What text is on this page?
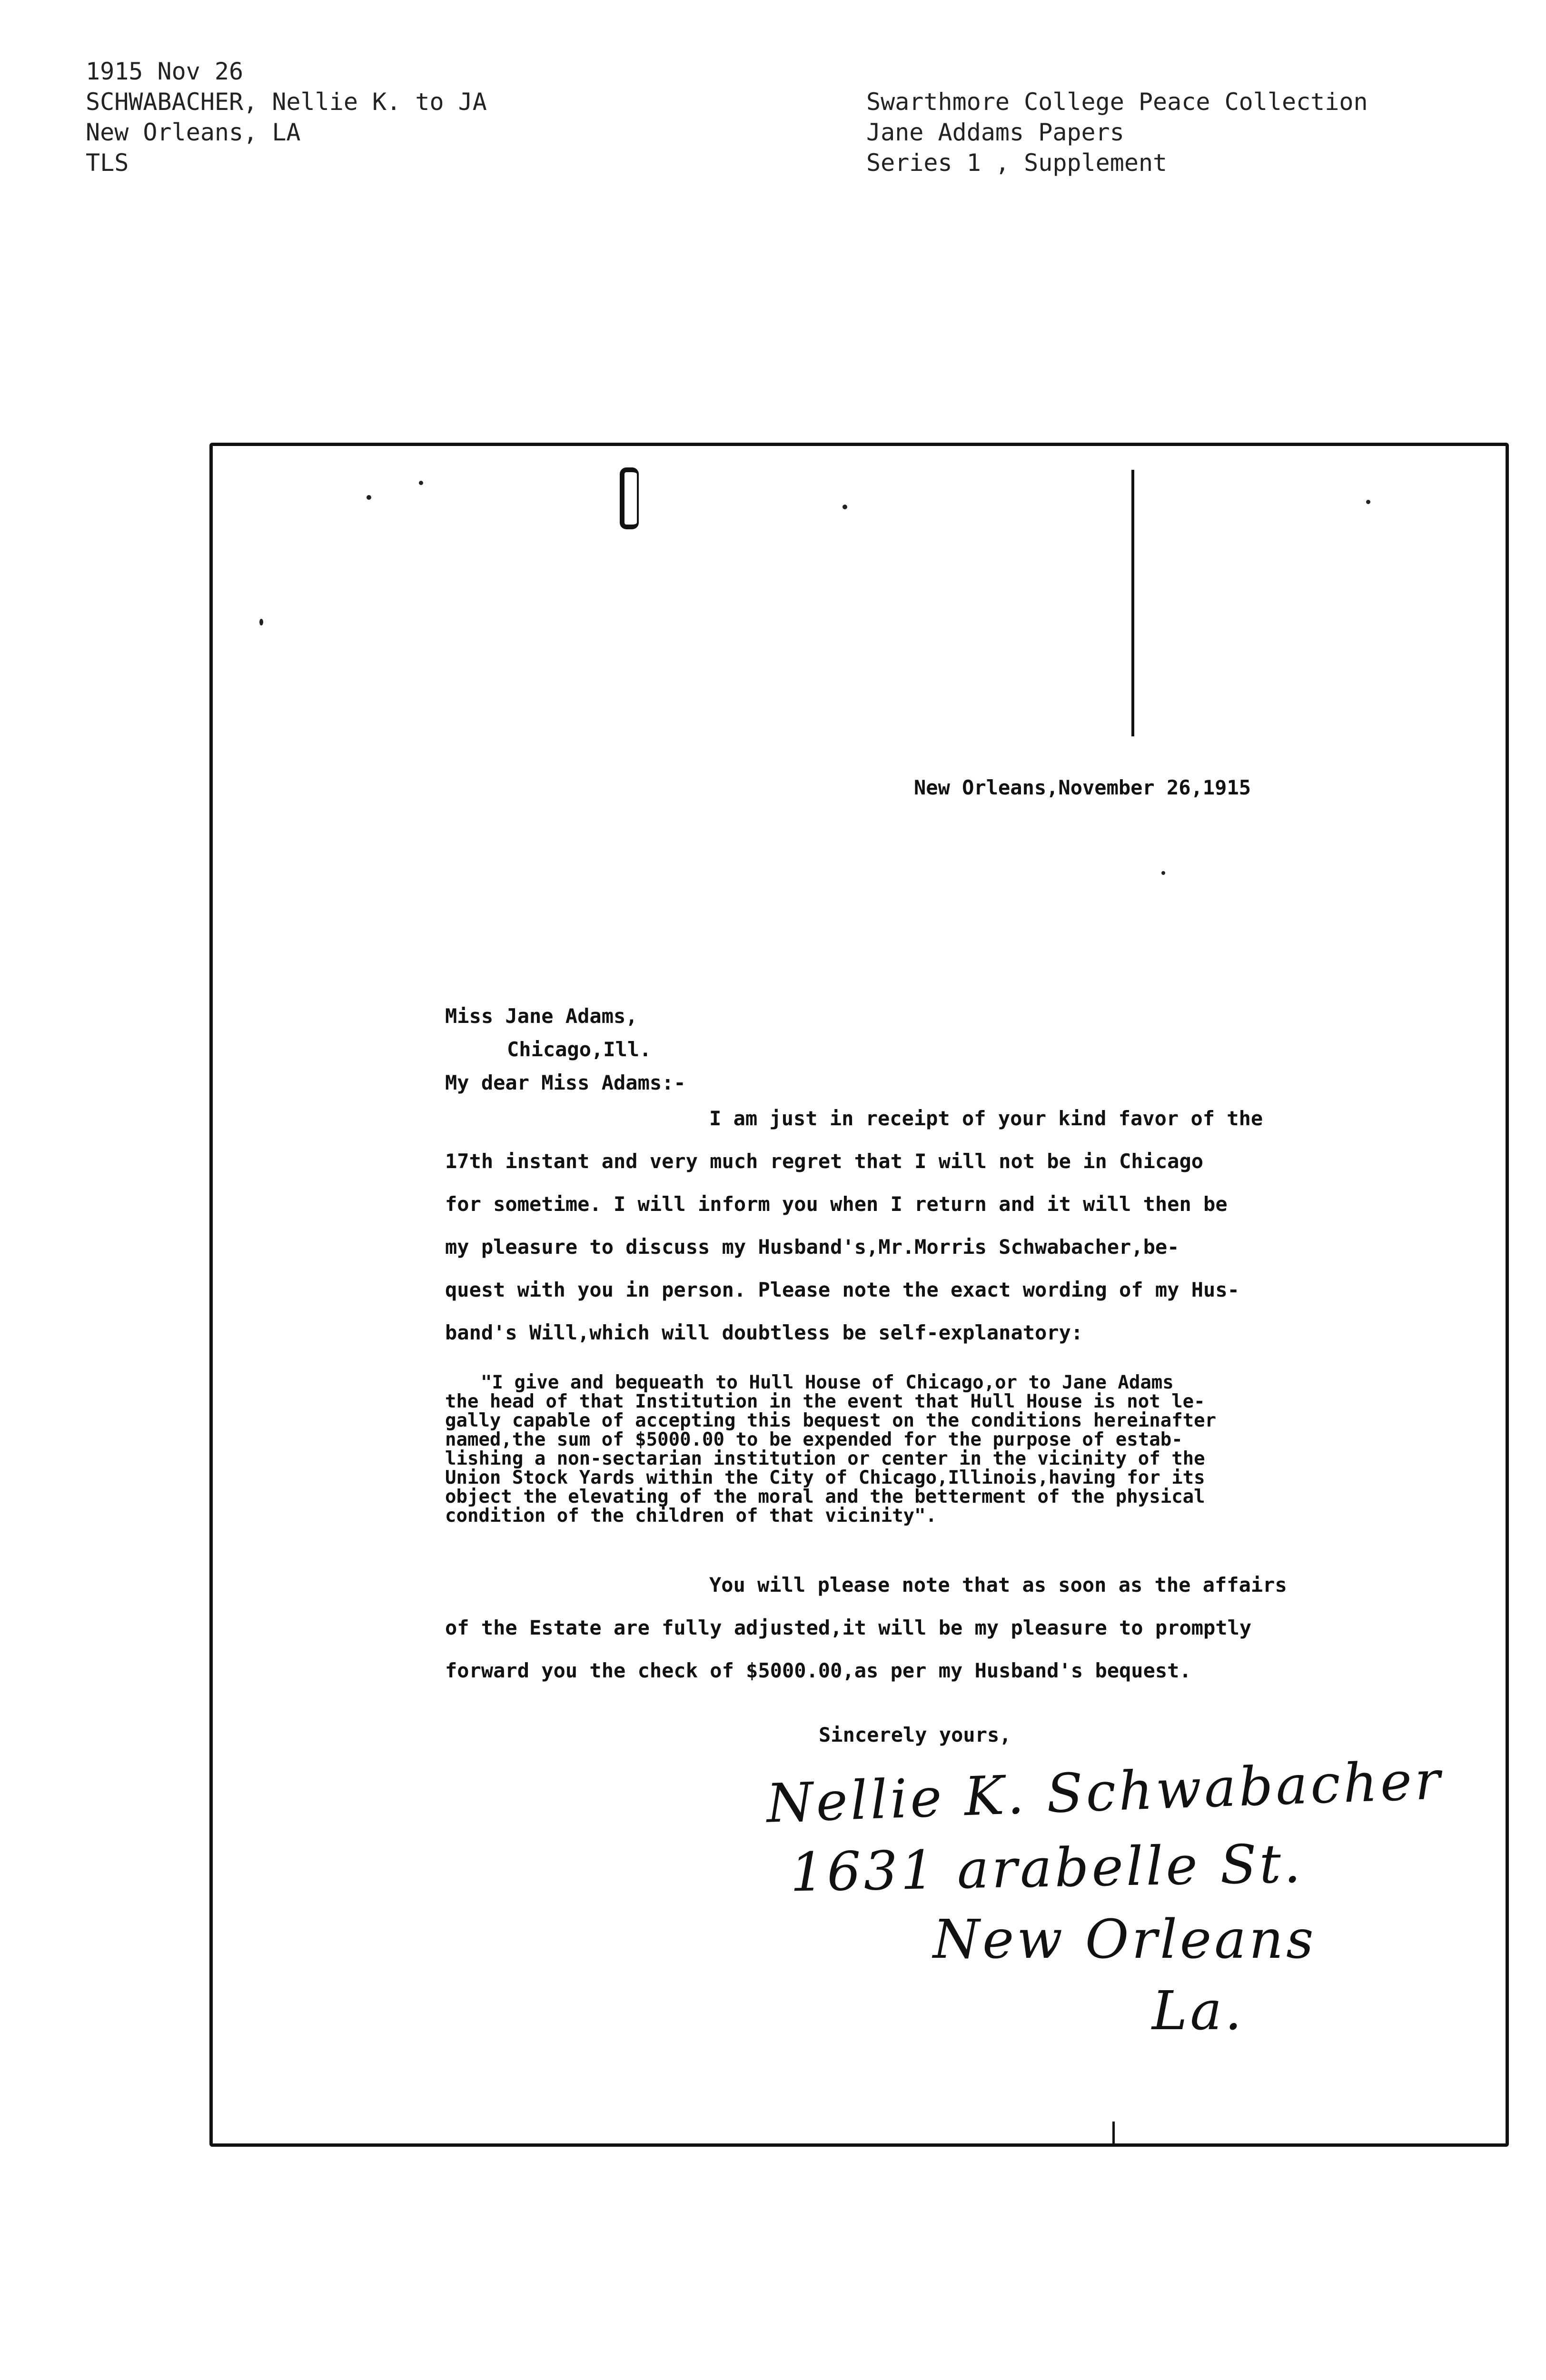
1915 Nov 26
SCHWABACHER, Nellie K. to JA
New Orleans, LA
TLS
Swarthmore College Peace Collection
Jane Addams Papers
Series 1 , Supplement
New Orleans,November 26,1915
Miss Jane Adams,
Chicago,Ill.
My dear Miss Adams:-
I am just in receipt of your kind favor of the
17th instant and very much regret that I will not be in Chicago
for sometime. I will inform you when I return and it will then be
my pleasure to discuss my Husband's,Mr.Morris Schwabacher,be-
quest with you in person. Please note the exact wording of my Hus-
band's Will,which will doubtless be self-explanatory:
"I give and bequeath to Hull House of Chicago,or to Jane Adams
the head of that Institution in the event that Hull House is not le-
gally capable of accepting this bequest on the conditions hereinafter
named,the sum of $5000.00 to be expended for the purpose of estab-
lishing a non-sectarian institution or center in the vicinity of the
Union Stock Yards within the City of Chicago,Illinois,having for its
object the elevating of the moral and the betterment of the physical
condition of the children of that vicinity".
You will please note that as soon as the affairs
of the Estate are fully adjusted,it will be my pleasure to promptly
forward you the check of $5000.00,as per my Husband's bequest.
Sincerely yours,
Nellie K. Schwabacher
1631 arabelle St.
New Orleans
La.
